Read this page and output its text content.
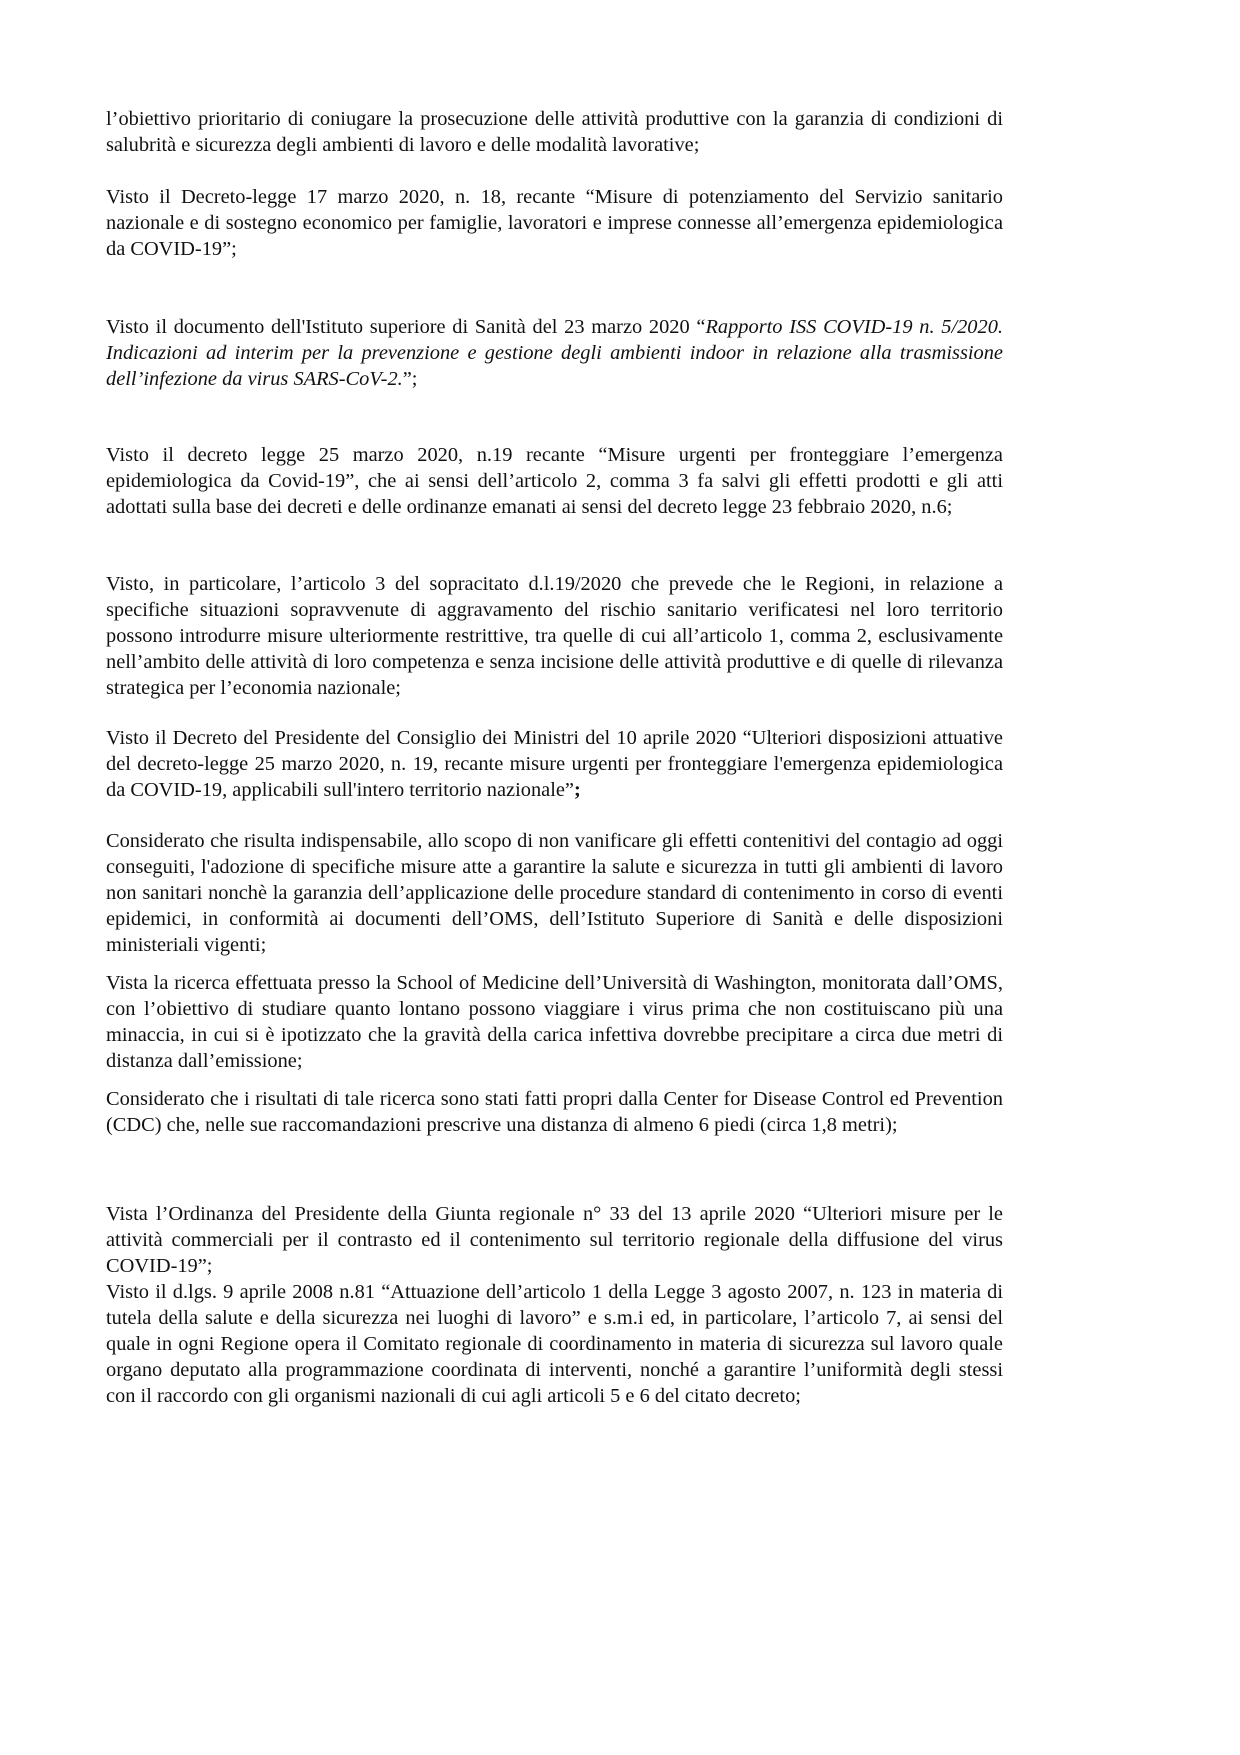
l’obiettivo prioritario di coniugare la prosecuzione delle attività produttive con la garanzia di condizioni di salubrità e sicurezza degli ambienti di lavoro e delle modalità lavorative;

Visto il Decreto-legge 17 marzo 2020, n. 18, recante “Misure di potenziamento del Servizio sanitario nazionale e di sostegno economico per famiglie, lavoratori e imprese connesse all’emergenza epidemiologica da COVID-19”;

Visto il documento dell'Istituto superiore di Sanità del 23 marzo 2020 “Rapporto ISS COVID-19 n. 5/2020. Indicazioni ad interim per la prevenzione e gestione degli ambienti indoor in relazione alla trasmissione dell’infezione da virus SARS-CoV-2.”;

Visto il decreto legge 25 marzo 2020, n.19 recante “Misure urgenti per fronteggiare l’emergenza epidemiologica da Covid-19”, che ai sensi dell’articolo 2, comma 3 fa salvi gli effetti prodotti e gli atti adottati sulla base dei decreti e delle ordinanze emanati ai sensi del decreto legge 23 febbraio 2020, n.6;

Visto, in particolare, l’articolo 3 del sopracitato d.l.19/2020 che prevede che le Regioni, in relazione a specifiche situazioni sopravvenute di aggravamento del rischio sanitario verificatesi nel loro territorio possono introdurre misure ulteriormente restrittive, tra quelle di cui all’articolo 1, comma 2, esclusivamente nell’ambito delle attività di loro competenza e senza incisione delle attività produttive e di quelle di rilevanza strategica per l’economia nazionale;

Visto il Decreto del Presidente del Consiglio dei Ministri del 10 aprile 2020 “Ulteriori disposizioni attuative del decreto-legge 25 marzo 2020, n. 19, recante misure urgenti per fronteggiare l'emergenza epidemiologica da COVID-19, applicabili sull'intero territorio nazionale”;

Considerato che risulta indispensabile, allo scopo di non vanificare gli effetti contenitivi del contagio ad oggi conseguiti, l'adozione di specifiche misure atte a garantire la salute e sicurezza in tutti gli ambienti di lavoro non sanitari nonchè la garanzia dell’applicazione delle procedure standard di contenimento in corso di eventi epidemici, in conformità ai documenti dell’OMS, dell’Istituto Superiore di Sanità e delle disposizioni ministeriali vigenti;

Vista la ricerca effettuata presso la School of Medicine dell’Università di Washington, monitorata dall’OMS, con l’obiettivo di studiare quanto lontano possono viaggiare i virus prima che non costituiscano più una minaccia, in cui si è ipotizzato che la gravità della carica infettiva dovrebbe precipitare a circa due metri di distanza dall’emissione;

Considerato che i risultati di tale ricerca sono stati fatti propri dalla Center for Disease Control ed Prevention (CDC) che, nelle sue raccomandazioni prescrive una distanza di almeno 6 piedi (circa 1,8 metri);

Vista l’Ordinanza del Presidente della Giunta regionale n° 33 del 13 aprile 2020 “Ulteriori misure per le attività commerciali per il contrasto ed il contenimento sul territorio regionale della diffusione del virus COVID-19”;

Visto il d.lgs. 9 aprile 2008 n.81 “Attuazione dell’articolo 1 della Legge 3 agosto 2007, n. 123 in materia di tutela della salute e della sicurezza nei luoghi di lavoro” e s.m.i ed, in particolare, l’articolo 7, ai sensi del quale in ogni Regione opera il Comitato regionale di coordinamento in materia di sicurezza sul lavoro quale organo deputato alla programmazione coordinata di interventi, nonché a garantire l’uniformità degli stessi con il raccordo con gli organismi nazionali di cui agli articoli 5 e 6 del citato decreto;
